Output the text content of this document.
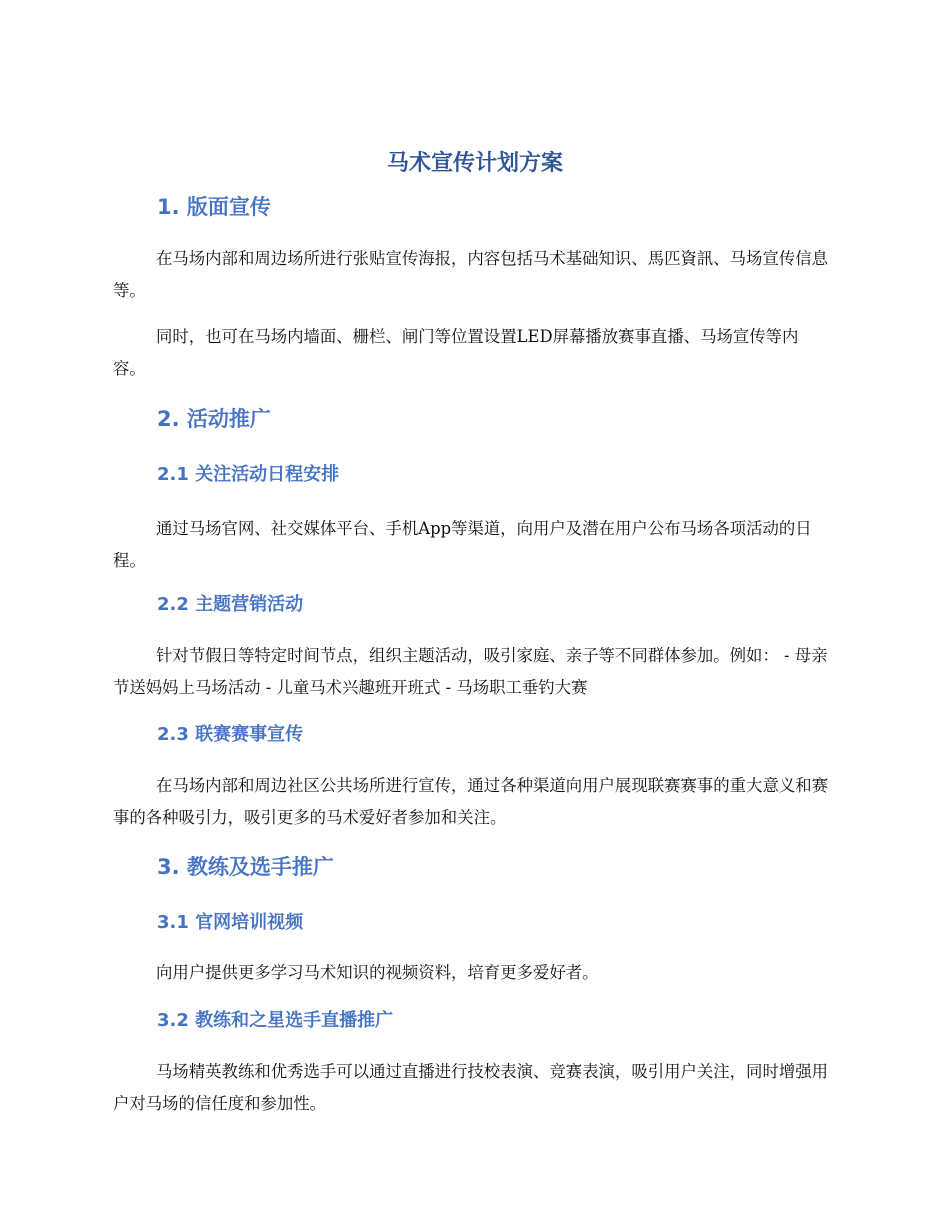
马术宣传计划方案
1. 版面宣传

在马场内部和周边场所进行张贴宣传海报，内容包括马术基础知识、馬匹資訊、马场宣传信息等。

同时，也可在马场内墙面、栅栏、闸门等位置设置LED屏幕播放赛事直播、马场宣传等内容。

2. 活动推广
2.1 关注活动日程安排

通过马场官网、社交媒体平台、手机App等渠道，向用户及潜在用户公布马场各项活动的日程。

2.2 主题营销活动

针对节假日等特定时间节点，组织主题活动，吸引家庭、亲子等不同群体参加。例如： - 母亲节送妈妈上马场活动 - 儿童马术兴趣班开班式 - 马场职工垂钓大赛

2.3 联赛赛事宣传

在马场内部和周边社区公共场所进行宣传，通过各种渠道向用户展现联赛赛事的重大意义和赛事的各种吸引力，吸引更多的马术爱好者参加和关注。

3. 教练及选手推广
3.1 官网培训视频

向用户提供更多学习马术知识的视频资料，培育更多爱好者。

3.2 教练和之星选手直播推广

马场精英教练和优秀选手可以通过直播进行技校表演、竞赛表演，吸引用户关注，同时增强用户对马场的信任度和参加性。
